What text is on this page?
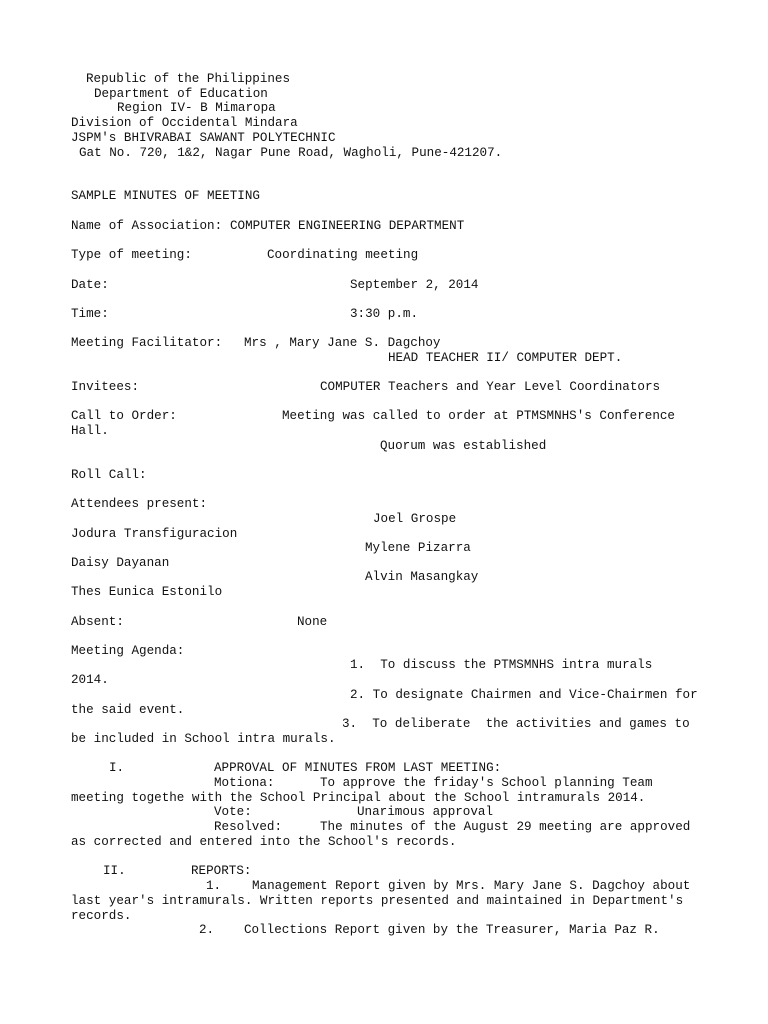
Republic of the Philippines
Department of Education
Region IV- B Mimaropa
Division of Occidental Mindara
JSPM's BHIVRABAI SAWANT POLYTECHNIC
Gat No. 720, 1&2, Nagar Pune Road, Wagholi, Pune-421207.
SAMPLE MINUTES OF MEETING
Name of Association: COMPUTER ENGINEERING DEPARTMENT
Type of meeting:	Coordinating meeting
Date:	September 2, 2014
Time:	3:30 p.m.
Meeting Facilitator: Mrs , Mary Jane S. Dagchoy
HEAD TEACHER II/ COMPUTER DEPT.
Invitees:	COMPUTER Teachers and Year Level Coordinators
Call to Order:	Meeting was called to order at PTMSMNHS's Conference
Hall.
Quorum was established
Roll Call:
Attendees present:
Joel Grospe
Jodura Transfiguracion
Mylene Pizarra
Daisy Dayanan
Alvin Masangkay
Thes Eunica Estonilo
Absent:	None
Meeting Agenda:
1.  To discuss the PTMSMNHS intra murals
2014.
2. To designate Chairmen and Vice-Chairmen for
the said event.
3.  To deliberate  the activities and games to
be included in School intra murals.
I.	APPROVAL OF MINUTES FROM LAST MEETING:
Motiona:	To approve the friday's School planning Team
meeting togethe with the School Principal about the School intramurals 2014.
Vote:	Unarimous approval
Resolved:	The minutes of the August 29 meeting are approved
as corrected and entered into the School's records.
II.	REPORTS:
1. Management Report given by Mrs. Mary Jane S. Dagchoy about
last year's intramurals. Written reports presented and maintained in Department's
records.
2. Collections Report given by the Treasurer, Maria Paz R.
